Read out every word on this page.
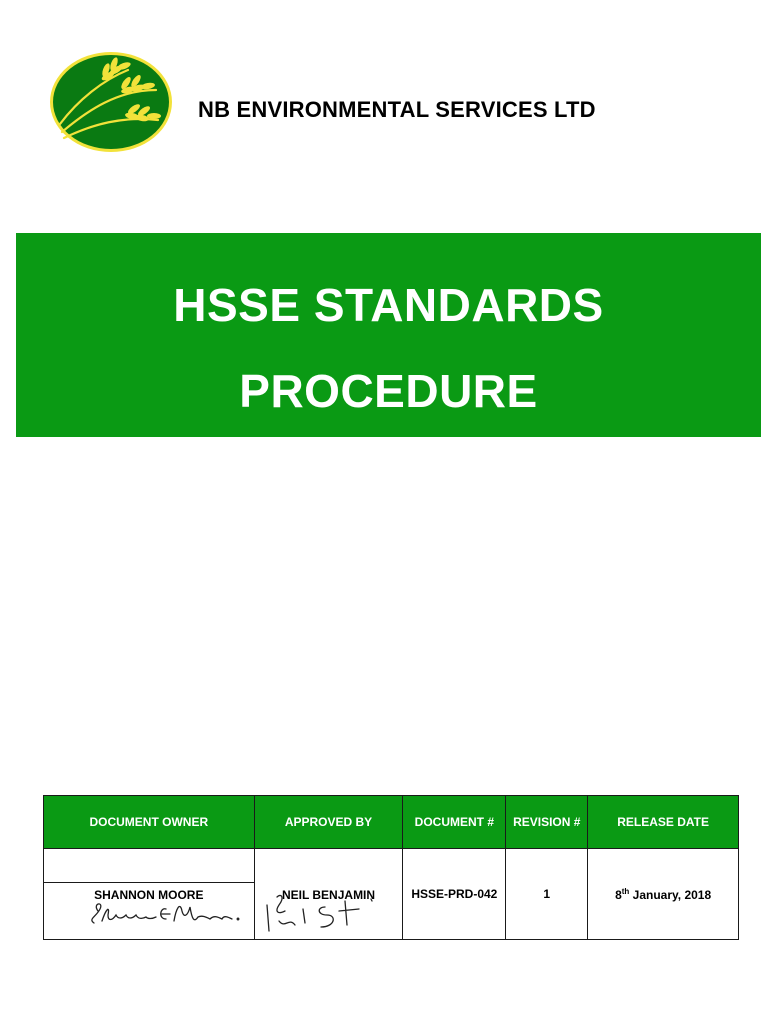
NB ENVIRONMENTAL SERVICES LTD
HSSE STANDARDS
PROCEDURE
DOCUMENT OWNER	APPROVED BY	DOCUMENT #	REVISION #	RELEASE DATE

SHANNON MOORE	NEIL BENJAMIN	HSSE-PRD-042	1	8th January, 2018
